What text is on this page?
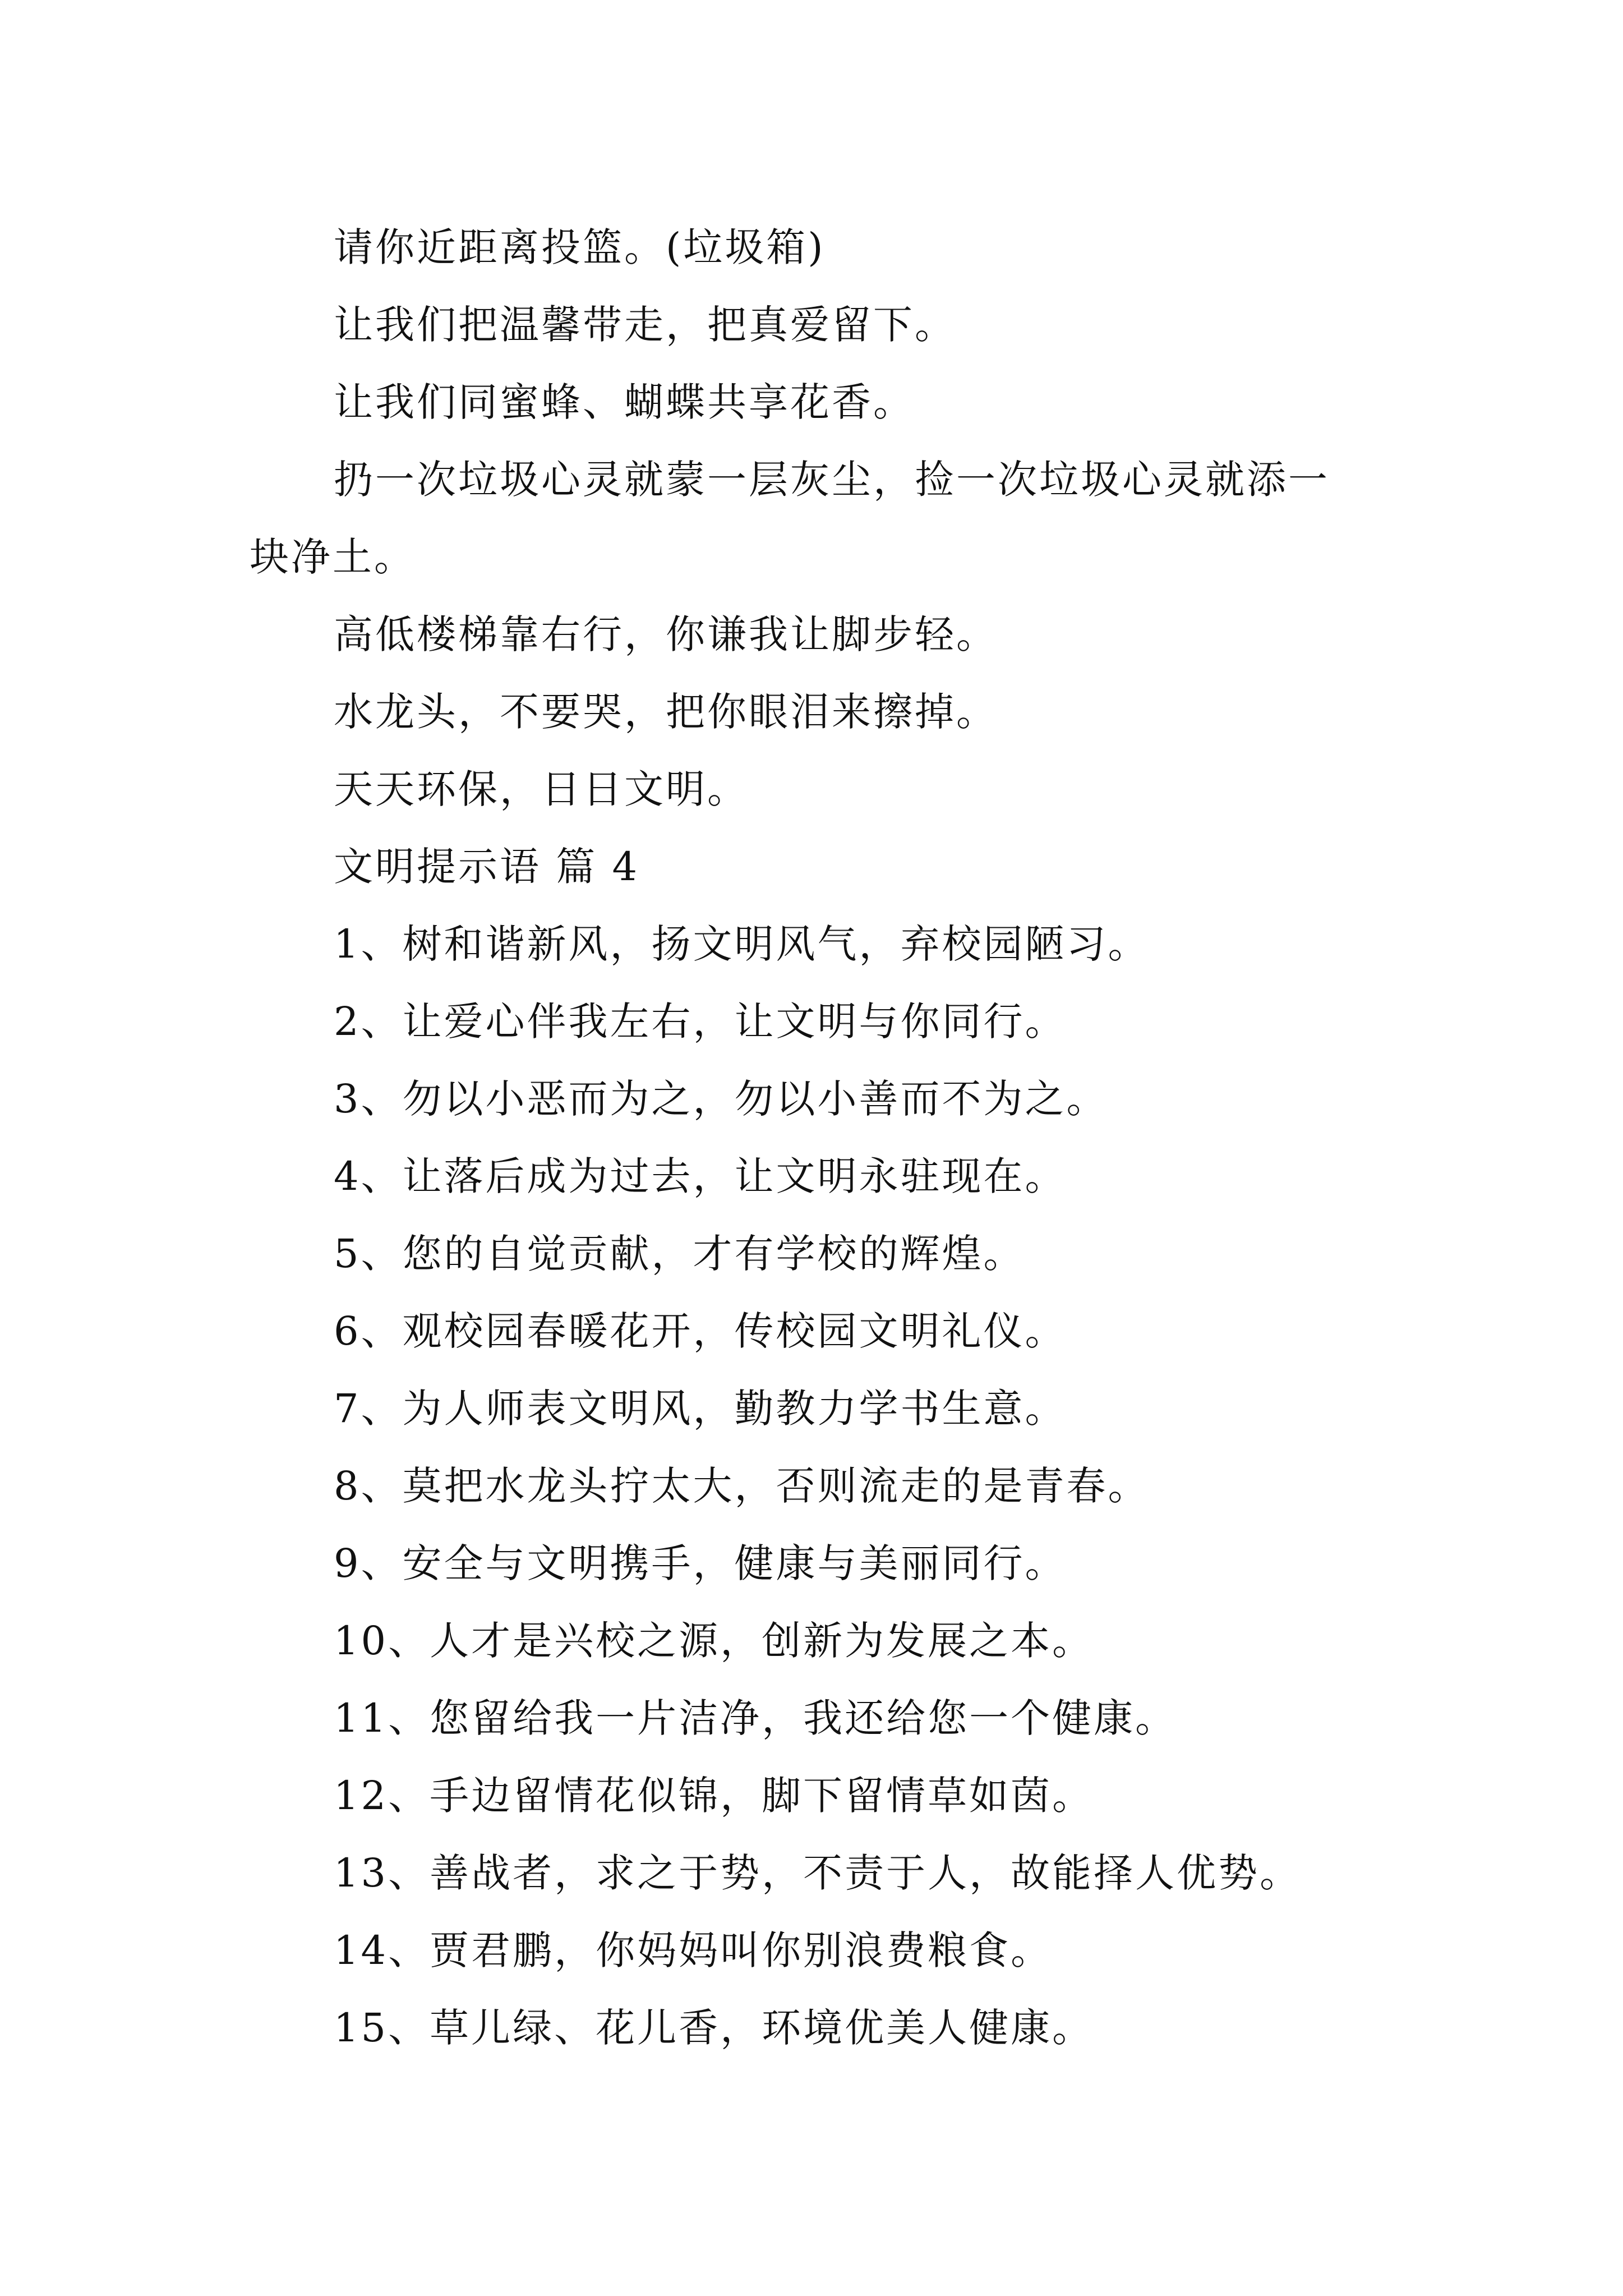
请你近距离投篮。(垃圾箱)
让我们把温馨带走，把真爱留下。
让我们同蜜蜂、蝴蝶共享花香。
扔一次垃圾心灵就蒙一层灰尘，捡一次垃圾心灵就添一
块净土。
高低楼梯靠右行，你谦我让脚步轻。
水龙头，不要哭，把你眼泪来擦掉。
天天环保，日日文明。
文明提示语 篇 4
1、树和谐新风，扬文明风气，弃校园陋习。
2、让爱心伴我左右，让文明与你同行。
3、勿以小恶而为之，勿以小善而不为之。
4、让落后成为过去，让文明永驻现在。
5、您的自觉贡献，才有学校的辉煌。
6、观校园春暖花开，传校园文明礼仪。
7、为人师表文明风，勤教力学书生意。
8、莫把水龙头拧太大，否则流走的是青春。
9、安全与文明携手，健康与美丽同行。
10、人才是兴校之源，创新为发展之本。
11、您留给我一片洁净，我还给您一个健康。
12、手边留情花似锦，脚下留情草如茵。
13、善战者，求之于势，不责于人，故能择人优势。
14、贾君鹏，你妈妈叫你别浪费粮食。
15、草儿绿、花儿香，环境优美人健康。
